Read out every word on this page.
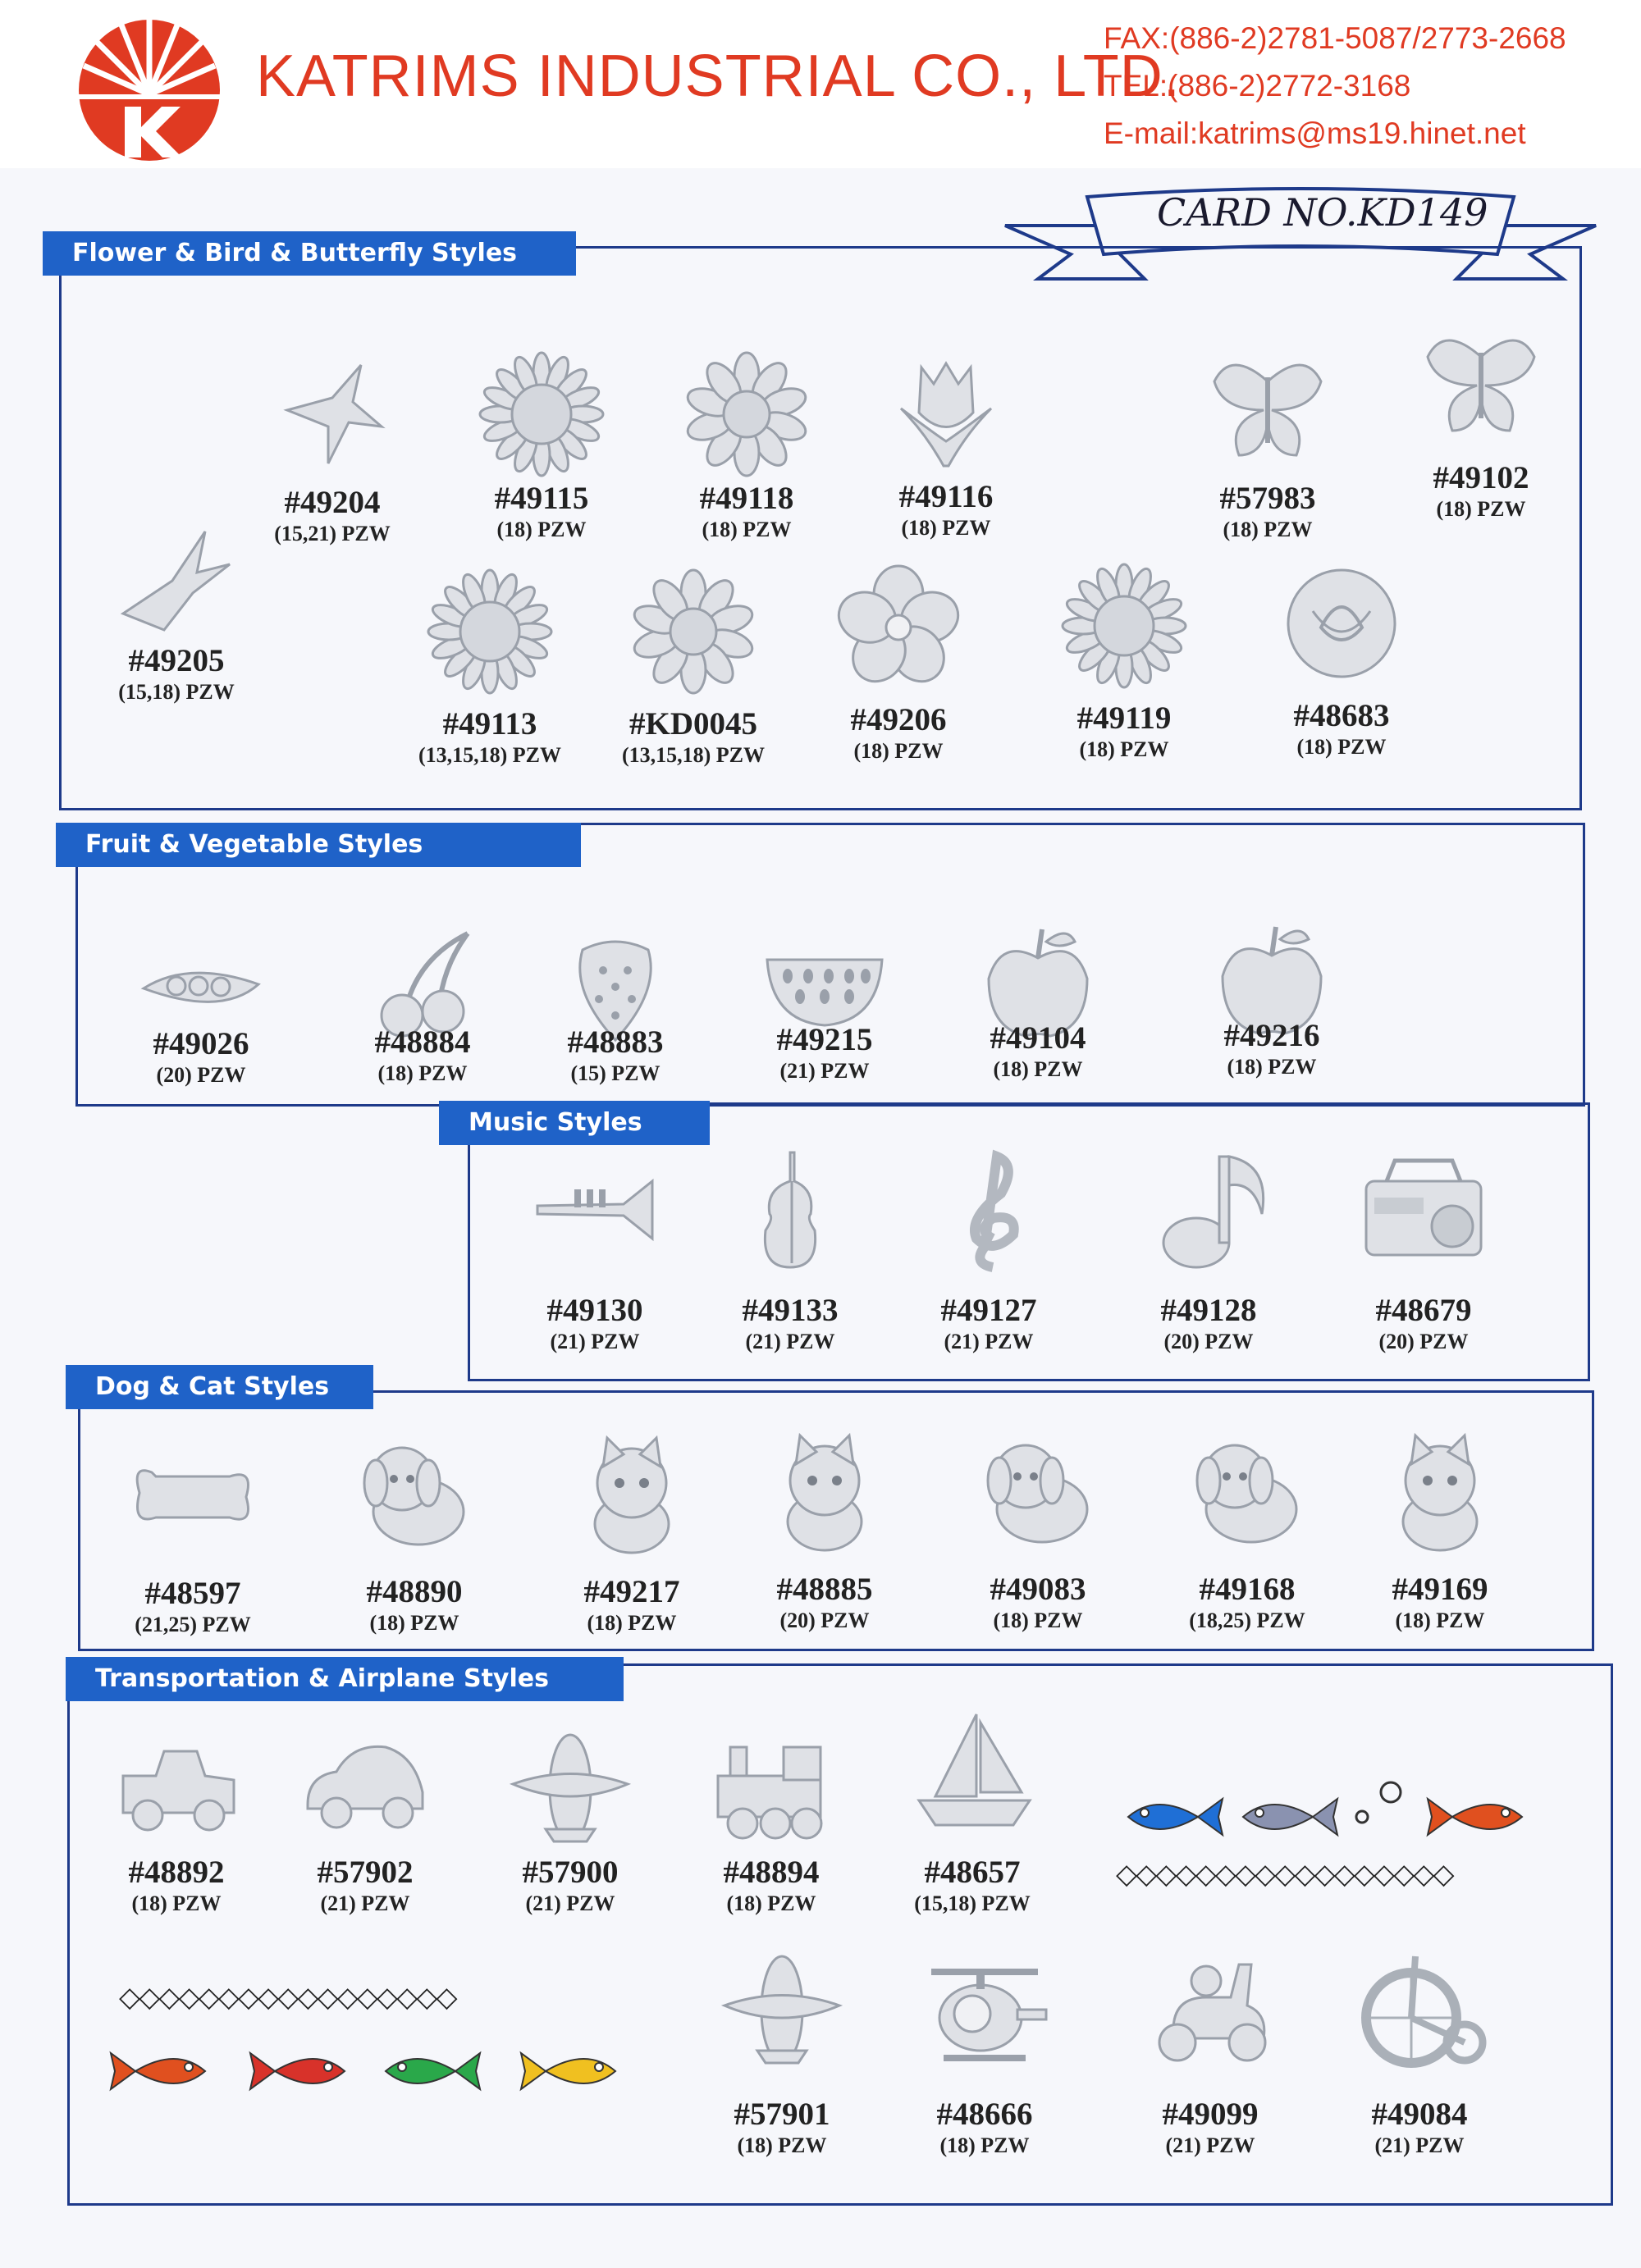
KATRIMS INDUSTRIAL CO., LTD.
FAX:(886-2)2781-5087/2773-2668
TEL:(886-2)2772-3168
E-mail:katrims@ms19.hinet.net
CARD NO.KD149
Flower & Bird & Butterfly Styles
Fruit & Vegetable Styles
Music Styles
Dog & Cat Styles
Transportation & Airplane Styles
#49204
(15,21) PZW
#49115
(18) PZW
#49118
(18) PZW
#49116
(18) PZW
#57983
(18) PZW
#49102
(18) PZW
#49205
(15,18) PZW
#49113
(13,15,18) PZW
#KD0045
(13,15,18) PZW
#49206
(18) PZW
#49119
(18) PZW
#48683
(18) PZW
#49026
(20) PZW
#48884
(18) PZW
#48883
(15) PZW
#49215
(21) PZW
#49104
(18) PZW
#49216
(18) PZW
#49130
(21) PZW
#49133
(21) PZW
#49127
(21) PZW
#49128
(20) PZW
#48679
(20) PZW
#48597
(21,25) PZW
#48890
(18) PZW
#49217
(18) PZW
#48885
(20) PZW
#49083
(18) PZW
#49168
(18,25) PZW
#49169
(18) PZW
#48892
(18) PZW
#57902
(21) PZW
#57900
(21) PZW
#48894
(18) PZW
#48657
(15,18) PZW
#57901
(18) PZW
#48666
(18) PZW
#49099
(21) PZW
#49084
(21) PZW
◇◇◇◇◇◇◇◇◇◇◇◇◇◇◇◇◇
◇◇◇◇◇◇◇◇◇◇◇◇◇◇◇◇◇
